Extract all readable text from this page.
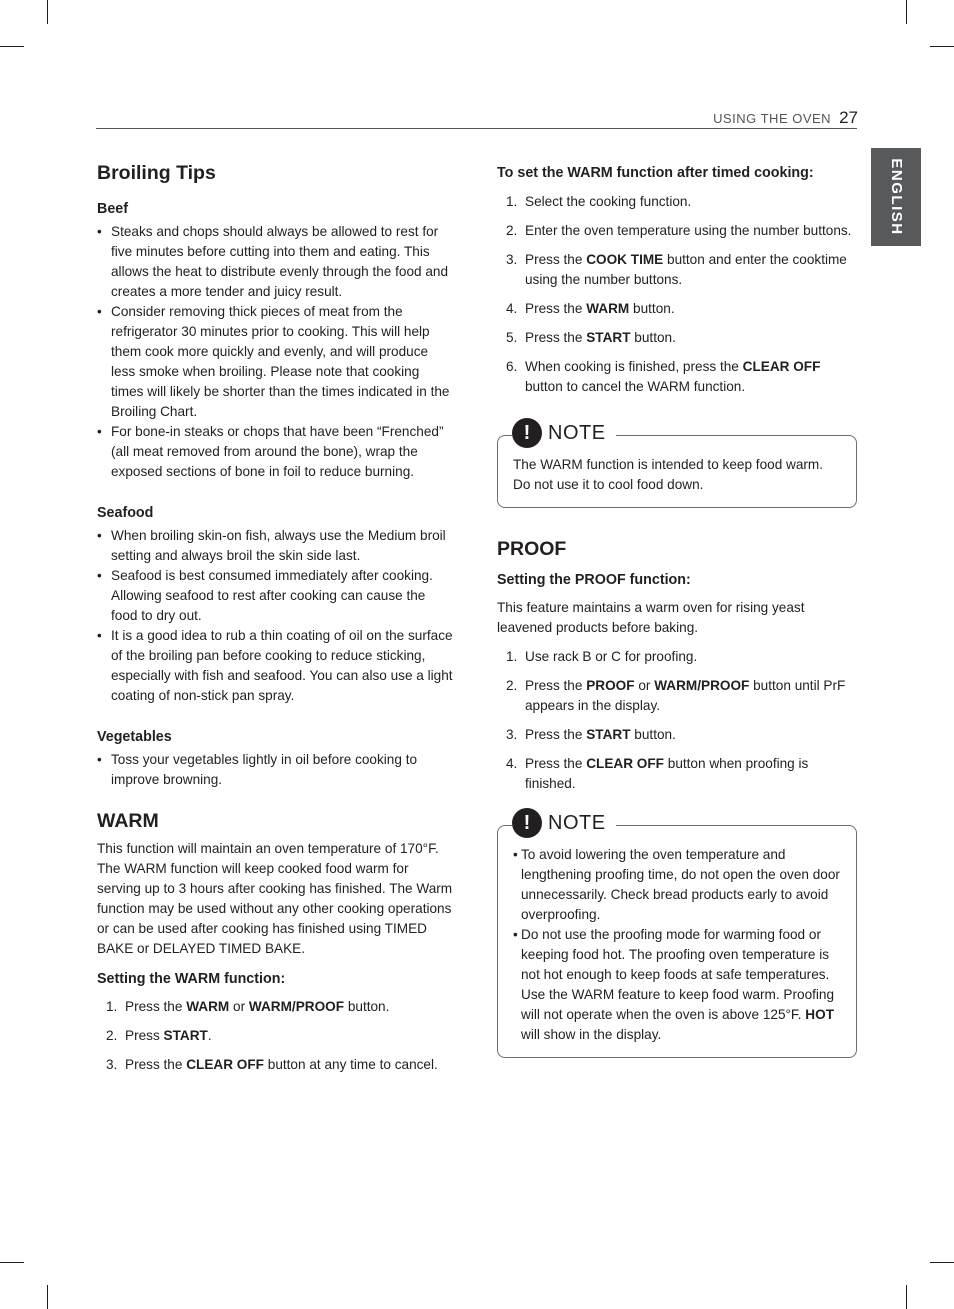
USING THE OVEN 27
ENGLISH
Broiling Tips
Beef
• Steaks and chops should always be allowed to rest for five minutes before cutting into them and eating. This allows the heat to distribute evenly through the food and creates a more tender and juicy result.
• Consider removing thick pieces of meat from the refrigerator 30 minutes prior to cooking. This will help them cook more quickly and evenly, and will produce less smoke when broiling. Please note that cooking times will likely be shorter than the times indicated in the Broiling Chart.
• For bone-in steaks or chops that have been “Frenched” (all meat removed from around the bone), wrap the exposed sections of bone in foil to reduce burning.
Seafood
• When broiling skin-on fish, always use the Medium broil setting and always broil the skin side last.
• Seafood is best consumed immediately after cooking. Allowing seafood to rest after cooking can cause the food to dry out.
• It is a good idea to rub a thin coating of oil on the surface of the broiling pan before cooking to reduce sticking, especially with fish and seafood. You can also use a light coating of non-stick pan spray.
Vegetables
• Toss your vegetables lightly in oil before cooking to improve browning.
WARM

This function will maintain an oven temperature of 170°F. The WARM function will keep cooked food warm for serving up to 3 hours after cooking has finished. The Warm function may be used without any other cooking operations or can be used after cooking has finished using TIMED BAKE or DELAYED TIMED BAKE.

Setting the WARM function:
1. Press the WARM or WARM/PROOF button.
2. Press START.
3. Press the CLEAR OFF button at any time to cancel.
To set the WARM function after timed cooking:
1. Select the cooking function.
2. Enter the oven temperature using the number buttons.
3. Press the COOK TIME button and enter the cooktime using the number buttons.
4. Press the WARM button.
5. Press the START button.
6. When cooking is finished, press the CLEAR OFF button to cancel the WARM function.
! NOTE

The WARM function is intended to keep food warm. Do not use it to cool food down.

PROOF
Setting the PROOF function:

This feature maintains a warm oven for rising yeast leavened products before baking.

1. Use rack B or C for proofing.
2. Press the PROOF or WARM/PROOF button until PrF appears in the display.
3. Press the START button.
4. Press the CLEAR OFF button when proofing is finished.
! NOTE
• To avoid lowering the oven temperature and lengthening proofing time, do not open the oven door unnecessarily. Check bread products early to avoid overproofing.
• Do not use the proofing mode for warming food or keeping food hot. The proofing oven temperature is not hot enough to keep foods at safe temperatures. Use the WARM feature to keep food warm. Proofing will not operate when the oven is above 125°F. HOT will show in the display.
